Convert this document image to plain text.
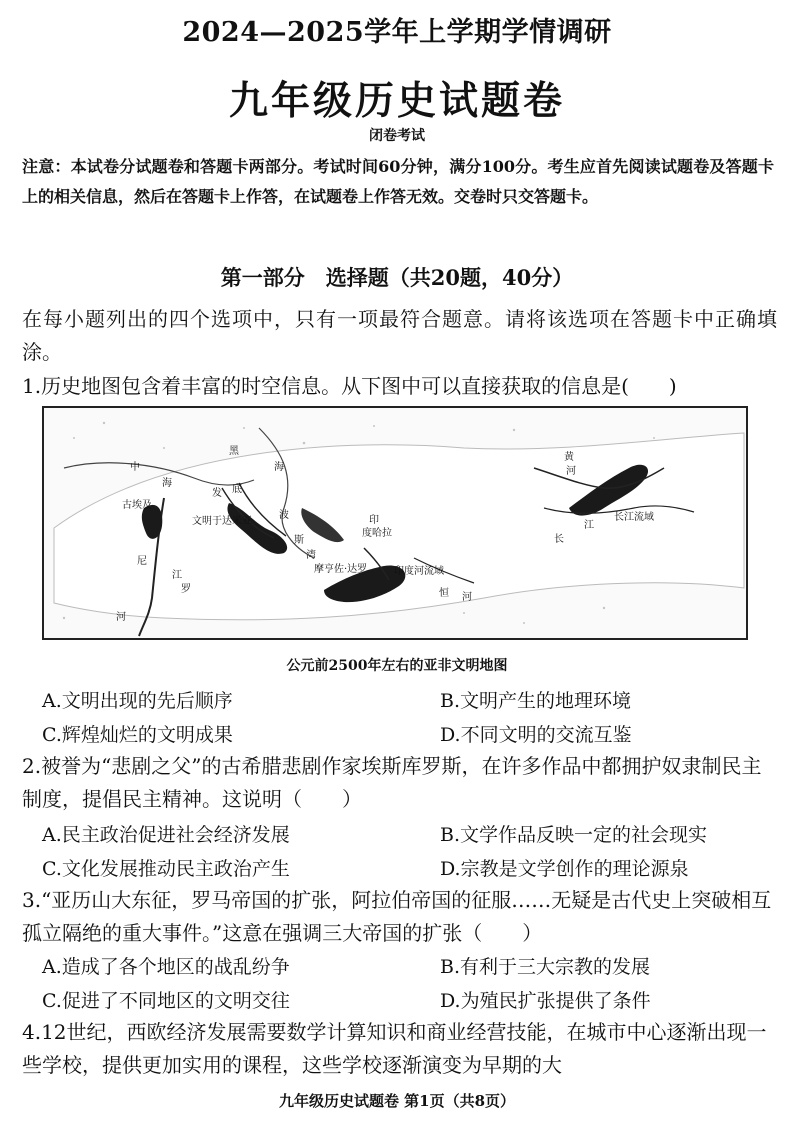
2024—2025学年上学期学情调研
九年级历史试题卷
闭卷考试
注意：本试卷分试题卷和答题卡两部分。考试时间60分钟，满分100分。考生应首先阅读试题卷及答题卡上的相关信息，然后在答题卡上作答，在试题卷上作答无效。交卷时只交答题卡。
第一部分　选择题（共20题，40分）
在每小题列出的四个选项中，只有一项最符合题意。请将该选项在答题卡中正确填涂。
1.历史地图包含着丰富的时空信息。从下图中可以直接获取的信息是(　　)
中
海
尼
江
罗
河
黑
海
古埃及
文明于达米亚
发 底
波
斯
湾
印
度哈拉
摩亨佐·达罗	印度河流域
恒 河
黄
河
长
江
长江流域
公元前2500年左右的亚非文明地图
A.文明出现的先后顺序	B.文明产生的地理环境
C.辉煌灿烂的文明成果	D.不同文明的交流互鉴
2.被誉为“悲剧之父”的古希腊悲剧作家埃斯库罗斯，在许多作品中都拥护奴隶制民主制度，提倡民主精神。这说明（　　）
A.民主政治促进社会经济发展	B.文学作品反映一定的社会现实
C.文化发展推动民主政治产生	D.宗教是文学创作的理论源泉
3.“亚历山大东征，罗马帝国的扩张，阿拉伯帝国的征服……无疑是古代史上突破相互孤立隔绝的重大事件。”这意在强调三大帝国的扩张（　　）
A.造成了各个地区的战乱纷争	B.有利于三大宗教的发展
C.促进了不同地区的文明交往	D.为殖民扩张提供了条件
4.12世纪，西欧经济发展需要数学计算知识和商业经营技能，在城市中心逐渐出现一些学校，提供更加实用的课程，这些学校逐渐演变为早期的大
九年级历史试题卷 第1页（共8页）
